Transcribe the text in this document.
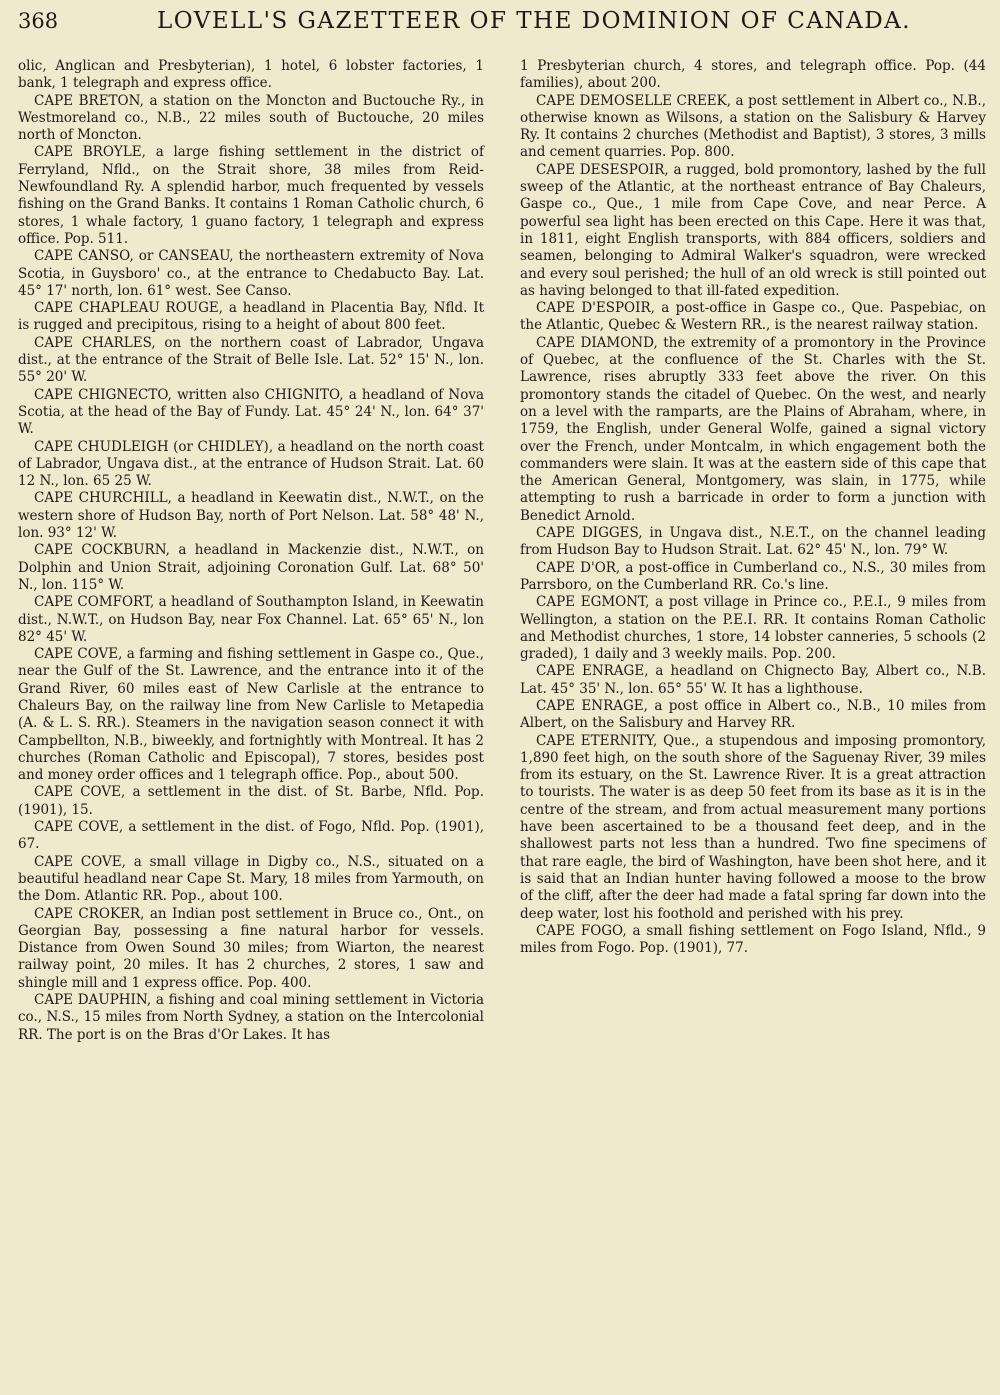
368	LOVELL'S GAZETTEER OF THE DOMINION OF CANADA.

olic, Anglican and Presbyterian), 1 hotel, 6 lobster factories, 1 bank, 1 telegraph and express office.

CAPE BRETON, a station on the Moncton and Buctouche Ry., in Westmoreland co., N.B., 22 miles south of Buctouche, 20 miles north of Moncton.

CAPE BROYLE, a large fishing settlement in the district of Ferryland, Nfld., on the Strait shore, 38 miles from Reid-Newfoundland Ry. A splendid harbor, much frequented by vessels fishing on the Grand Banks. It contains 1 Roman Catholic church, 6 stores, 1 whale factory, 1 guano factory, 1 telegraph and express office. Pop. 511.

CAPE CANSO, or CANSEAU, the northeastern extremity of Nova Scotia, in Guysboro' co., at the entrance to Chedabucto Bay. Lat. 45° 17' north, lon. 61° west. See Canso.

CAPE CHAPLEAU ROUGE, a headland in Placentia Bay, Nfld. It is rugged and precipitous, rising to a height of about 800 feet.

CAPE CHARLES, on the northern coast of Labrador, Ungava dist., at the entrance of the Strait of Belle Isle. Lat. 52° 15' N., lon. 55° 20' W.

CAPE CHIGNECTO, written also CHIGNITO, a headland of Nova Scotia, at the head of the Bay of Fundy. Lat. 45° 24' N., lon. 64° 37' W.

CAPE CHUDLEIGH (or CHIDLEY), a headland on the north coast of Labrador, Ungava dist., at the entrance of Hudson Strait. Lat. 60 12 N., lon. 65 25 W.

CAPE CHURCHILL, a headland in Keewatin dist., N.W.T., on the western shore of Hudson Bay, north of Port Nelson. Lat. 58° 48' N., lon. 93° 12' W.

CAPE COCKBURN, a headland in Mackenzie dist., N.W.T., on Dolphin and Union Strait, adjoining Coronation Gulf. Lat. 68° 50' N., lon. 115° W.

CAPE COMFORT, a headland of Southampton Island, in Keewatin dist., N.W.T., on Hudson Bay, near Fox Channel. Lat. 65° 65' N., lon 82° 45' W.

CAPE COVE, a farming and fishing settlement in Gaspe co., Que., near the Gulf of the St. Lawrence, and the entrance into it of the Grand River, 60 miles east of New Carlisle at the entrance to Chaleurs Bay, on the railway line from New Carlisle to Metapedia (A. & L. S. RR.). Steamers in the navigation season connect it with Campbellton, N.B., biweekly, and fortnightly with Montreal. It has 2 churches (Roman Catholic and Episcopal), 7 stores, besides post and money order offices and 1 telegraph office. Pop., about 500.

CAPE COVE, a settlement in the dist. of St. Barbe, Nfld. Pop. (1901), 15.

CAPE COVE, a settlement in the dist. of Fogo, Nfld. Pop. (1901), 67.

CAPE COVE, a small village in Digby co., N.S., situated on a beautiful headland near Cape St. Mary, 18 miles from Yarmouth, on the Dom. Atlantic RR. Pop., about 100.

CAPE CROKER, an Indian post settlement in Bruce co., Ont., on Georgian Bay, possessing a fine natural harbor for vessels. Distance from Owen Sound 30 miles; from Wiarton, the nearest railway point, 20 miles. It has 2 churches, 2 stores, 1 saw and shingle mill and 1 express office. Pop. 400.

CAPE DAUPHIN, a fishing and coal mining settlement in Victoria co., N.S., 15 miles from North Sydney, a station on the Intercolonial RR. The port is on the Bras d'Or Lakes. It has

1 Presbyterian church, 4 stores, and telegraph office. Pop. (44 families), about 200.

CAPE DEMOSELLE CREEK, a post settlement in Albert co., N.B., otherwise known as Wilsons, a station on the Salisbury & Harvey Ry. It contains 2 churches (Methodist and Baptist), 3 stores, 3 mills and cement quarries. Pop. 800.

CAPE DESESPOIR, a rugged, bold promontory, lashed by the full sweep of the Atlantic, at the northeast entrance of Bay Chaleurs, Gaspe co., Que., 1 mile from Cape Cove, and near Perce. A powerful sea light has been erected on this Cape. Here it was that, in 1811, eight English transports, with 884 officers, soldiers and seamen, belonging to Admiral Walker's squadron, were wrecked and every soul perished; the hull of an old wreck is still pointed out as having belonged to that ill-fated expedition.

CAPE D'ESPOIR, a post-office in Gaspe co., Que. Paspebiac, on the Atlantic, Quebec & Western RR., is the nearest railway station.

CAPE DIAMOND, the extremity of a promontory in the Province of Quebec, at the confluence of the St. Charles with the St. Lawrence, rises abruptly 333 feet above the river. On this promontory stands the citadel of Quebec. On the west, and nearly on a level with the ramparts, are the Plains of Abraham, where, in 1759, the English, under General Wolfe, gained a signal victory over the French, under Montcalm, in which engagement both the commanders were slain. It was at the eastern side of this cape that the American General, Montgomery, was slain, in 1775, while attempting to rush a barricade in order to form a junction with Benedict Arnold.

CAPE DIGGES, in Ungava dist., N.E.T., on the channel leading from Hudson Bay to Hudson Strait. Lat. 62° 45' N., lon. 79° W.

CAPE D'OR, a post-office in Cumberland co., N.S., 30 miles from Parrsboro, on the Cumberland RR. Co.'s line.

CAPE EGMONT, a post village in Prince co., P.E.I., 9 miles from Wellington, a station on the P.E.I. RR. It contains Roman Catholic and Methodist churches, 1 store, 14 lobster canneries, 5 schools (2 graded), 1 daily and 3 weekly mails. Pop. 200.

CAPE ENRAGE, a headland on Chignecto Bay, Albert co., N.B. Lat. 45° 35' N., lon. 65° 55' W. It has a lighthouse.

CAPE ENRAGE, a post office in Albert co., N.B., 10 miles from Albert, on the Salisbury and Harvey RR.

CAPE ETERNITY, Que., a stupendous and imposing promontory, 1,890 feet high, on the south shore of the Saguenay River, 39 miles from its estuary, on the St. Lawrence River. It is a great attraction to tourists. The water is as deep 50 feet from its base as it is in the centre of the stream, and from actual measurement many portions have been ascertained to be a thousand feet deep, and in the shallowest parts not less than a hundred. Two fine specimens of that rare eagle, the bird of Washington, have been shot here, and it is said that an Indian hunter having followed a moose to the brow of the cliff, after the deer had made a fatal spring far down into the deep water, lost his foothold and perished with his prey.

CAPE FOGO, a small fishing settlement on Fogo Island, Nfld., 9 miles from Fogo. Pop. (1901), 77.
